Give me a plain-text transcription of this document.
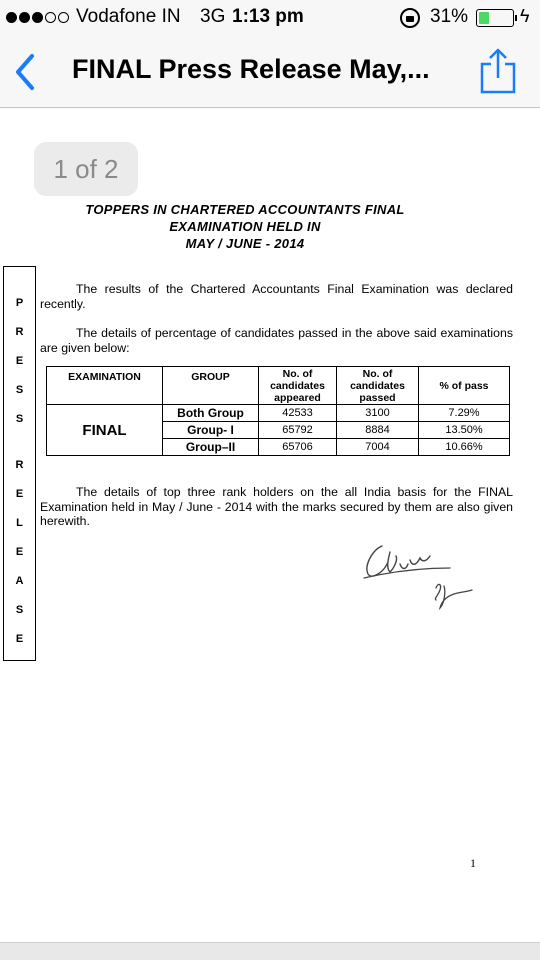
Vodafone IN 3G 1:13 pm	31%	ϟ
FINAL Press Release May,...
1 of 2
TOPPERS IN CHARTERED ACCOUNTANTS FINAL
EXAMINATION HELD IN
MAY / JUNE - 2014
P
R
E
S
S
R
E
L
E
A
S
E
The results of the Chartered Accountants Final Examination was declared recently.
The details of percentage of candidates passed in the above said examinations are given below:
EXAMINATION	GROUP	No. of candidates appeared	No. of candidates passed	% of pass
FINAL	Both Group	42533	3100	7.29%
	Group- I	65792	8884	13.50%
	Group–II	65706	7004	10.66%
The details of top three rank holders on the all India basis for the FINAL Examination held in May / June - 2014 with the marks secured by them are also given herewith.
1
